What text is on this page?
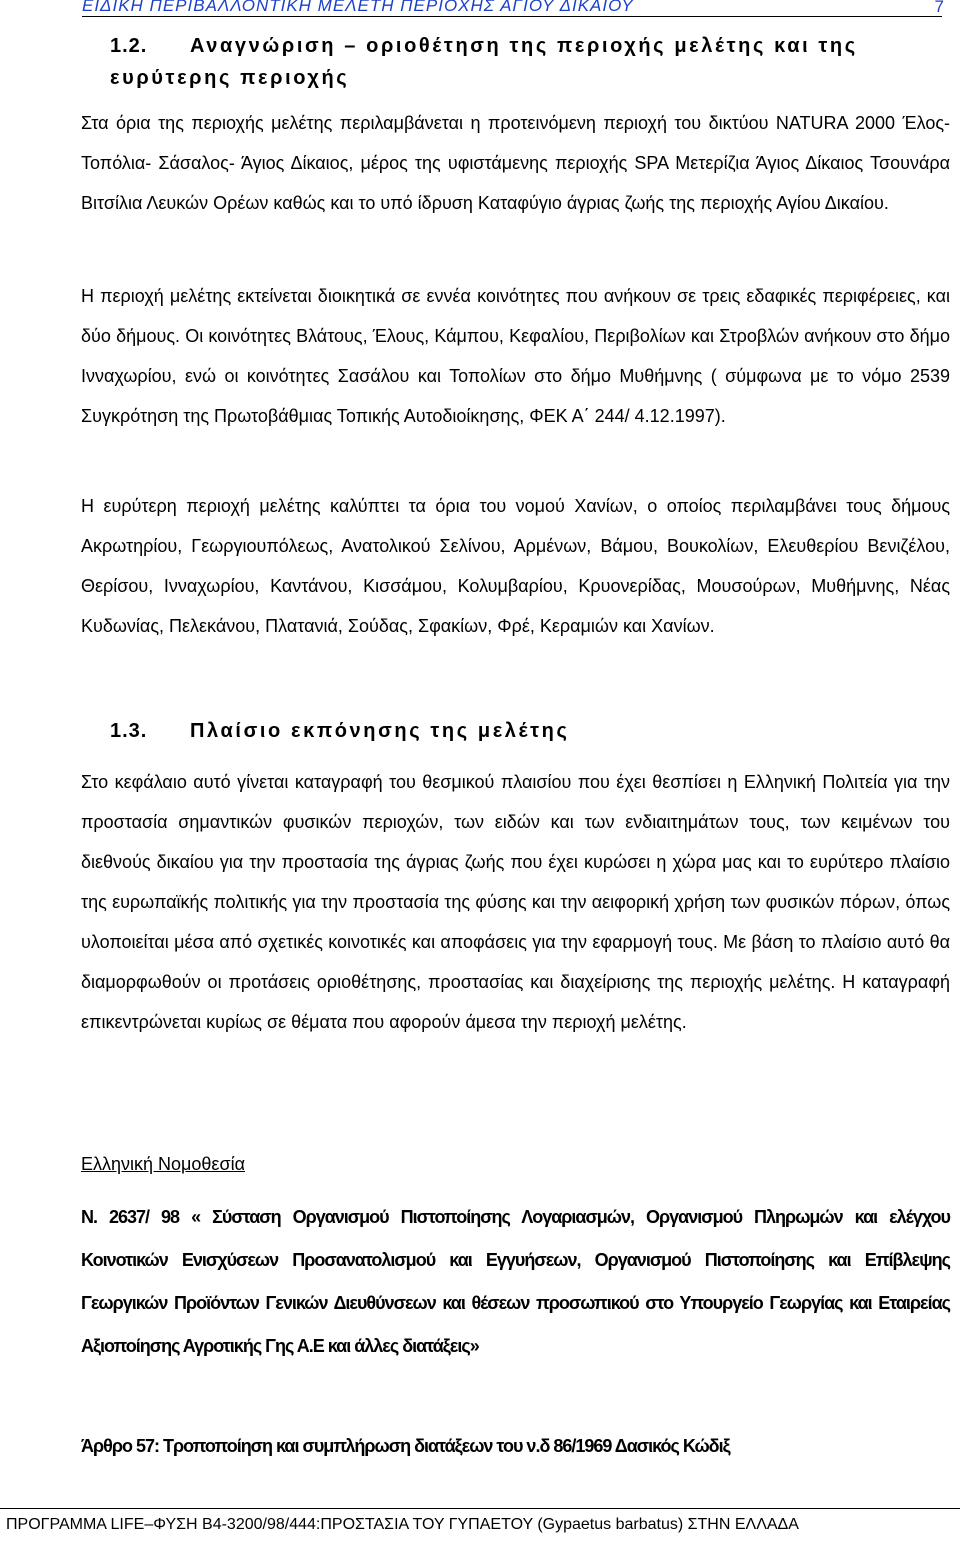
ΕΙΔΙΚΗ ΠΕΡΙΒΑΛΛΟΝΤΙΚΗ ΜΕΛΕΤΗ ΠΕΡΙΟΧΗΣ ΑΓΙΟΥ ΔΙΚΑΙΟΥ	7
1.2. Αναγνώριση – οριοθέτηση της περιοχής μελέτης και της ευρύτερης περιοχής

Στα όρια της περιοχής μελέτης περιλαμβάνεται η προτεινόμενη περιοχή του δικτύου NATURA 2000 Έλος- Τοπόλια- Σάσαλος- Άγιος Δίκαιος, μέρος της υφιστάμενης περιοχής SPA Μετερίζια Άγιος Δίκαιος Τσουνάρα Βιτσίλια Λευκών Ορέων καθώς και το υπό ίδρυση Καταφύγιο άγριας ζωής της περιοχής Αγίου Δικαίου.

Η περιοχή μελέτης εκτείνεται διοικητικά σε εννέα κοινότητες που ανήκουν σε τρεις εδαφικές περιφέρειες, και δύο δήμους. Οι κοινότητες Βλάτους, Έλους, Κάμπου, Κεφαλίου, Περιβολίων και Στροβλών ανήκουν στο δήμο Ινναχωρίου, ενώ οι κοινότητες Σασάλου και Τοπολίων στο δήμο Μυθήμνης ( σύμφωνα με το νόμο 2539 Συγκρότηση της Πρωτοβάθμιας Τοπικής Αυτοδιοίκησης, ΦΕΚ Α΄ 244/ 4.12.1997).

Η ευρύτερη περιοχή μελέτης καλύπτει τα όρια του νομού Χανίων, ο οποίος περιλαμβάνει τους δήμους Ακρωτηρίου, Γεωργιουπόλεως, Ανατολικού Σελίνου, Αρμένων, Βάμου, Βουκολίων, Ελευθερίου Βενιζέλου, Θερίσου, Ινναχωρίου, Καντάνου, Κισσάμου, Κολυμβαρίου, Κρυονερίδας, Μουσούρων, Μυθήμνης, Νέας Κυδωνίας, Πελεκάνου, Πλατανιά, Σούδας, Σφακίων, Φρέ, Κεραμιών και Χανίων.

1.3. Πλαίσιο εκπόνησης της μελέτης

Στο κεφάλαιο αυτό γίνεται καταγραφή του θεσμικού πλαισίου που έχει θεσπίσει η Ελληνική Πολιτεία για την προστασία σημαντικών φυσικών περιοχών, των ειδών και των ενδιαιτημάτων τους, των κειμένων του διεθνούς δικαίου για την προστασία της άγριας ζωής που έχει κυρώσει η χώρα μας και το ευρύτερο πλαίσιο της ευρωπαϊκής πολιτικής για την προστασία της φύσης και την αειφορική χρήση των φυσικών πόρων, όπως υλοποιείται μέσα από σχετικές κοινοτικές και αποφάσεις για την εφαρμογή τους. Με βάση το πλαίσιο αυτό θα διαμορφωθούν οι προτάσεις οριοθέτησης, προστασίας και διαχείρισης της περιοχής μελέτης. Η καταγραφή επικεντρώνεται κυρίως σε θέματα που αφορούν άμεσα την περιοχή μελέτης.

Ελληνική Νομοθεσία

Ν. 2637/ 98 « Σύσταση Οργανισμού Πιστοποίησης Λογαριασμών, Οργανισμού Πληρωμών και ελέγχου Κοινοτικών Ενισχύσεων Προσανατολισμού και Εγγυήσεων, Οργανισμού Πιστοποίησης και Επίβλεψης Γεωργικών Προϊόντων Γενικών Διευθύνσεων και θέσεων προσωπικού στο Υπουργείο Γεωργίας και Εταιρείας Αξιοποίησης Αγροτικής Γης Α.Ε και άλλες διατάξεις»

Άρθρο 57: Τροποποίηση και συμπλήρωση διατάξεων του ν.δ 86/1969 Δασικός Κώδιξ
ΠΡΟΓΡΑΜΜΑ LIFE–ΦΥΣΗ Β4-3200/98/444:ΠΡΟΣΤΑΣΙΑ ΤΟΥ ΓΥΠΑΕΤΟΥ (Gypaetus barbatus) ΣΤΗΝ ΕΛΛΑΔΑ
